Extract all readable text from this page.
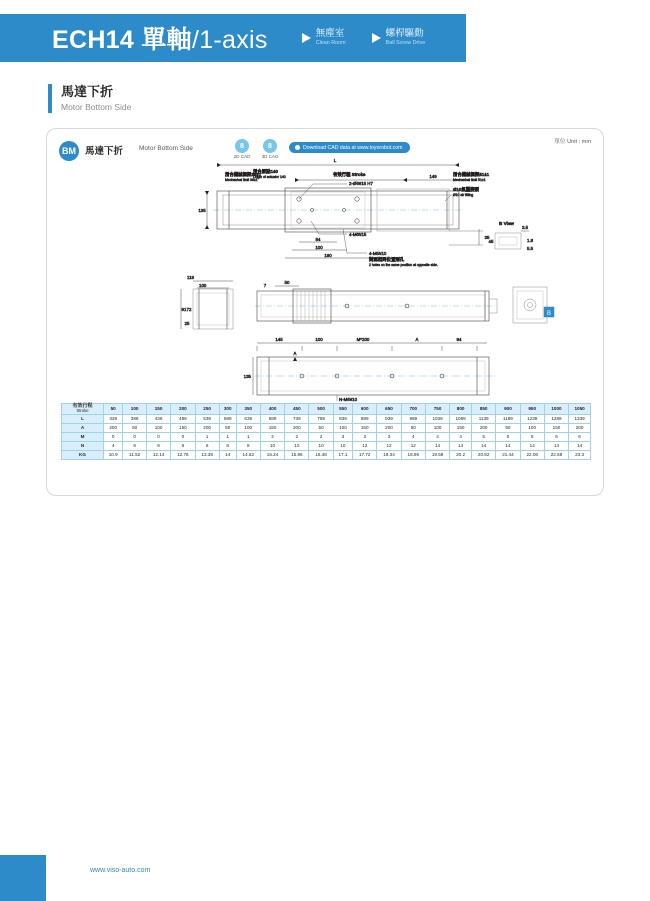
ECH14 單軸/1-axis	無塵室
Clean Room
螺桿驅動
Ball Screw Drive
馬達下折
Motor Bottom Side
BM 馬達下折 Motor Bottom Side	8
2D CAD
8
3D CAD
Download CAD data at www.toyorobot.com
單位 Unit : mm
L
149
135
35
84
100
190
滑台原點140
Origin of actuator 140
滑台機械極限36±1
Mechanical limit 36±1
有效行程 Stroke	滑台機械極限51±1
Mechanical limit 51±1
2-Ø6¥15 H7
4-M6¥15
4-M5¥10
對面相同位置兩孔
2 holes on the same position at opposite side.
Ø10氣壓接頭
Ø10 air fitting
B View
3.5
45	1.8
5.5
119
100
91 72
25
7
50
B
145	100	M*200	A	94
135
A
N-M6¥10
有效行程
Stroke	50	100	150	200	250	300	350	400	450	500	550	600	650	700	750	800	850	900	950	1000	1050
L	339	389	439	489	539	589	639	689	739	789	839	889	939	989	1039	1089	1139	1189	1239	1289	1339
A	200	50	100	150	200	50	100	150	200	50	100	150	200	50	100	150	200	50	100	150	200
M	0	0	0	0	1	1	1	2	2	2	3	3	3	4	4	4	5	5	5	6	6
N	4	6	6	6	6	8	8	10	10	10	10	12	12	12	14	14	14	14	14	14	14
KG	10.9	11.52	12.14	12.76	13.38	14	14.62	15.24	15.86	16.48	17.1	17.72	18.34	18.96	19.58	20.2	20.82	21.44	22.06	22.68	23.3
www.viso-auto.com
